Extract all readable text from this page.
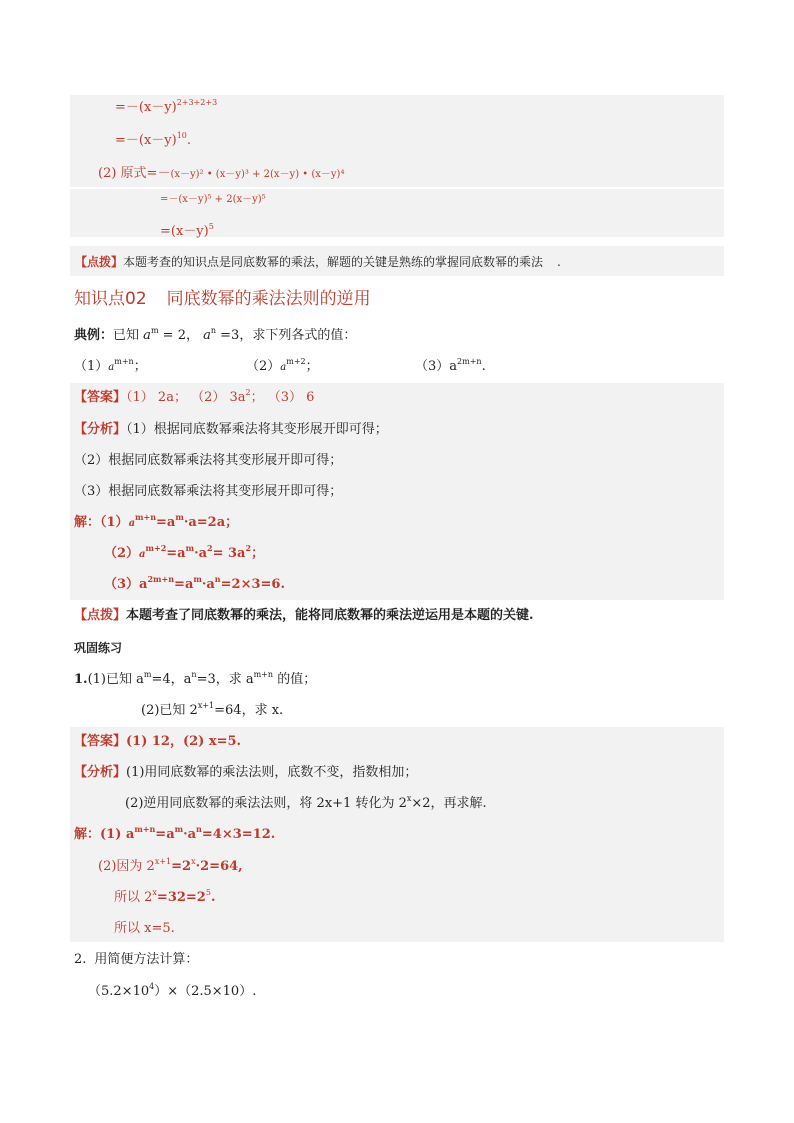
$=-(x-y)^{2+3+2+3}$
$=-(x-y)^{10}$.
(2) 原式=－(x－y)² • (x－y)³ + 2(x－y) • (x－y)⁴
=－(x－y)⁵ + 2(x－y)⁵
$=(x-y)^5$
【点拨】本题考查的知识点是同底数幂的乘法，解题的关键是熟练的掌握同底数幂的乘法 .
知识点02 同底数幂的乘法法则的逆用
典例：已知 $a^m = 2$， $a^n =3$，求下列各式的值：
$(1)a^{m+n}$；	$(2)a^{m+2}$；	$(3)a^{2m+n}$.
【答案】（1） 2a； （2） $3a^2$； （3） 6
【分析】（1）根据同底数幂乘法将其变形展开即可得；
（2）根据同底数幂乘法将其变形展开即可得；
（3）根据同底数幂乘法将其变形展开即可得；
解：$(1)a^{m+n}=a^m\cdot a=2a$；
$(2)a^{m+2}=a^m\cdot a^2= 3a^2$；
$(3)a^{2m+n}=a^m\cdot a^n=2\times 3=6$.
【点拨】本题考查了同底数幂的乘法，能将同底数幂的乘法逆运用是本题的关键.
巩固练习
1.(1)已知 $a^m=4$，$a^n=3$，求 $a^{m+n}$ 的值；
(2)已知 $2^{x+1}=64$，求 x.
【答案】(1) 12，(2) x=5.
【分析】(1)用同底数幂的乘法法则，底数不变，指数相加；
(2)逆用同底数幂的乘法法则，将 2x+1 转化为 $2^x\times 2$，再求解.
解：(1) $a^{m+n}=a^m\cdot a^n=4\times 3=12$.
(2)因为 $2^{x+1}=2^x\cdot 2=64$,
所以 $2^x=32=2^5$.
所以 x=5.
2. 用简便方法计算：
$(5.2\times 10^4)\times(2.5\times 10)$.
